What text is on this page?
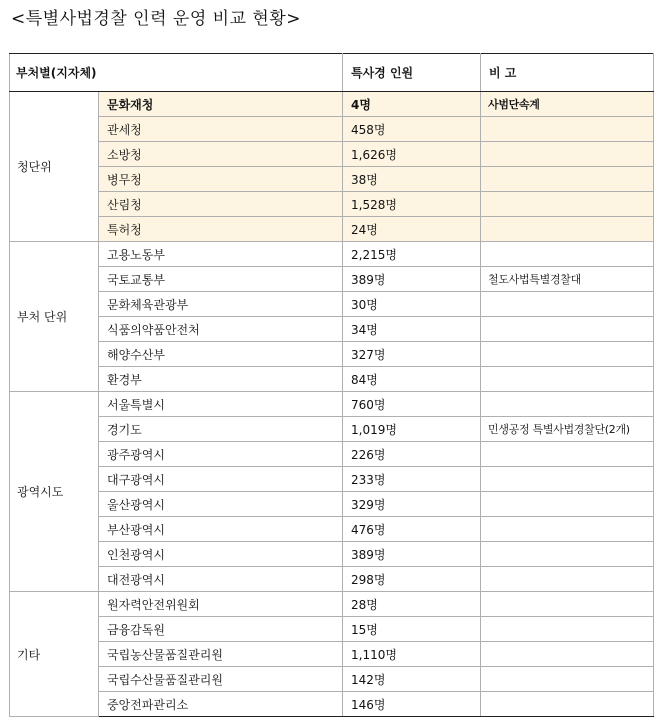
<특별사법경찰 인력 운영 비교 현황>
부처별(지자체)		특사경 인원	비 고
청단위	문화재청	4명	사범단속계
	관세청	458명	
	소방청	1,626명	
	병무청	38명	
	산림청	1,528명	
	특허청	24명	
부처 단위	고용노동부	2,215명	
	국토교통부	389명	철도사법특별경찰대
	문화체육관광부	30명	
	식품의약품안전처	34명	
	해양수산부	327명	
	환경부	84명	
광역시도	서울특별시	760명	
	경기도	1,019명	민생공정 특별사법경찰단(2개)
	광주광역시	226명	
	대구광역시	233명	
	울산광역시	329명	
	부산광역시	476명	
	인천광역시	389명	
	대전광역시	298명	
기타	원자력안전위원회	28명	
	금융감독원	15명	
	국립농산물품질관리원	1,110명	
	국립수산물품질관리원	142명	
	중앙전파관리소	146명	
